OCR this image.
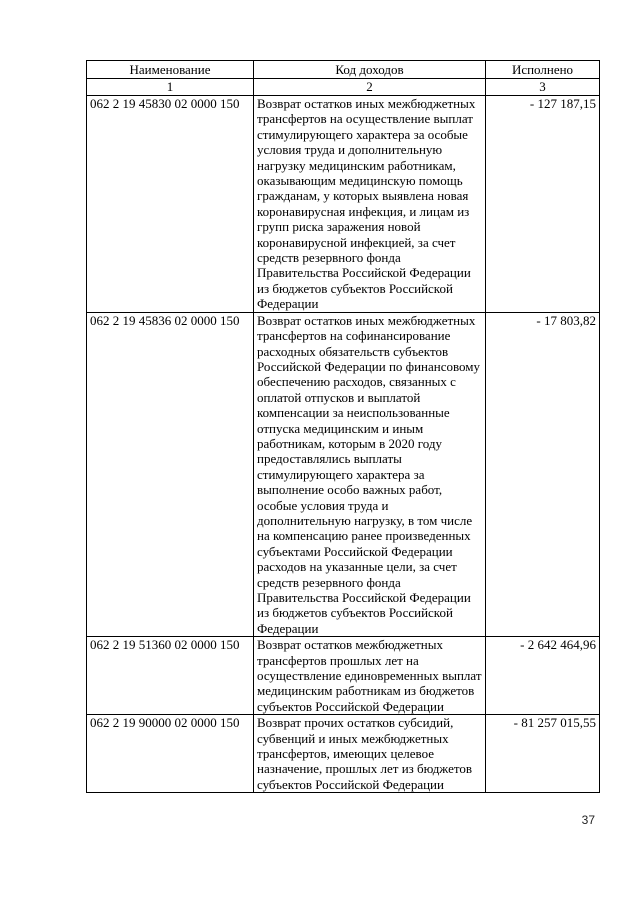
Наименование	Код доходов	Исполнено
1	2	3
062 2 19 45830 02 0000 150	Возврат остатков иных межбюджетных трансфертов на осуществление выплат стимулирующего характера за особые условия труда и дополнительную нагрузку медицинским работникам, оказывающим медицинскую помощь гражданам, у которых выявлена новая коронавирусная инфекция, и лицам из групп риска заражения новой коронавирусной инфекцией, за счет средств резервного фонда Правительства Российской Федерации из бюджетов субъектов Российской Федерации	- 127 187,15
062 2 19 45836 02 0000 150	Возврат остатков иных межбюджетных трансфертов на софинансирование расходных обязательств субъектов Российской Федерации по финансовому обеспечению расходов, связанных с оплатой отпусков и выплатой компенсации за неиспользованные отпуска медицинским и иным работникам, которым в 2020 году предоставлялись выплаты стимулирующего характера за выполнение особо важных работ, особые условия труда и дополнительную нагрузку, в том числе на компенсацию ранее произведенных субъектами Российской Федерации расходов на указанные цели, за счет средств резервного фонда Правительства Российской Федерации из бюджетов субъектов Российской Федерации	- 17 803,82
062 2 19 51360 02 0000 150	Возврат остатков межбюджетных трансфертов прошлых лет на осуществление единовременных выплат медицинским работникам из бюджетов субъектов Российской Федерации	- 2 642 464,96
062 2 19 90000 02 0000 150	Возврат прочих остатков субсидий, субвенций и иных межбюджетных трансфертов, имеющих целевое назначение, прошлых лет из бюджетов субъектов Российской Федерации	- 81 257 015,55
37
